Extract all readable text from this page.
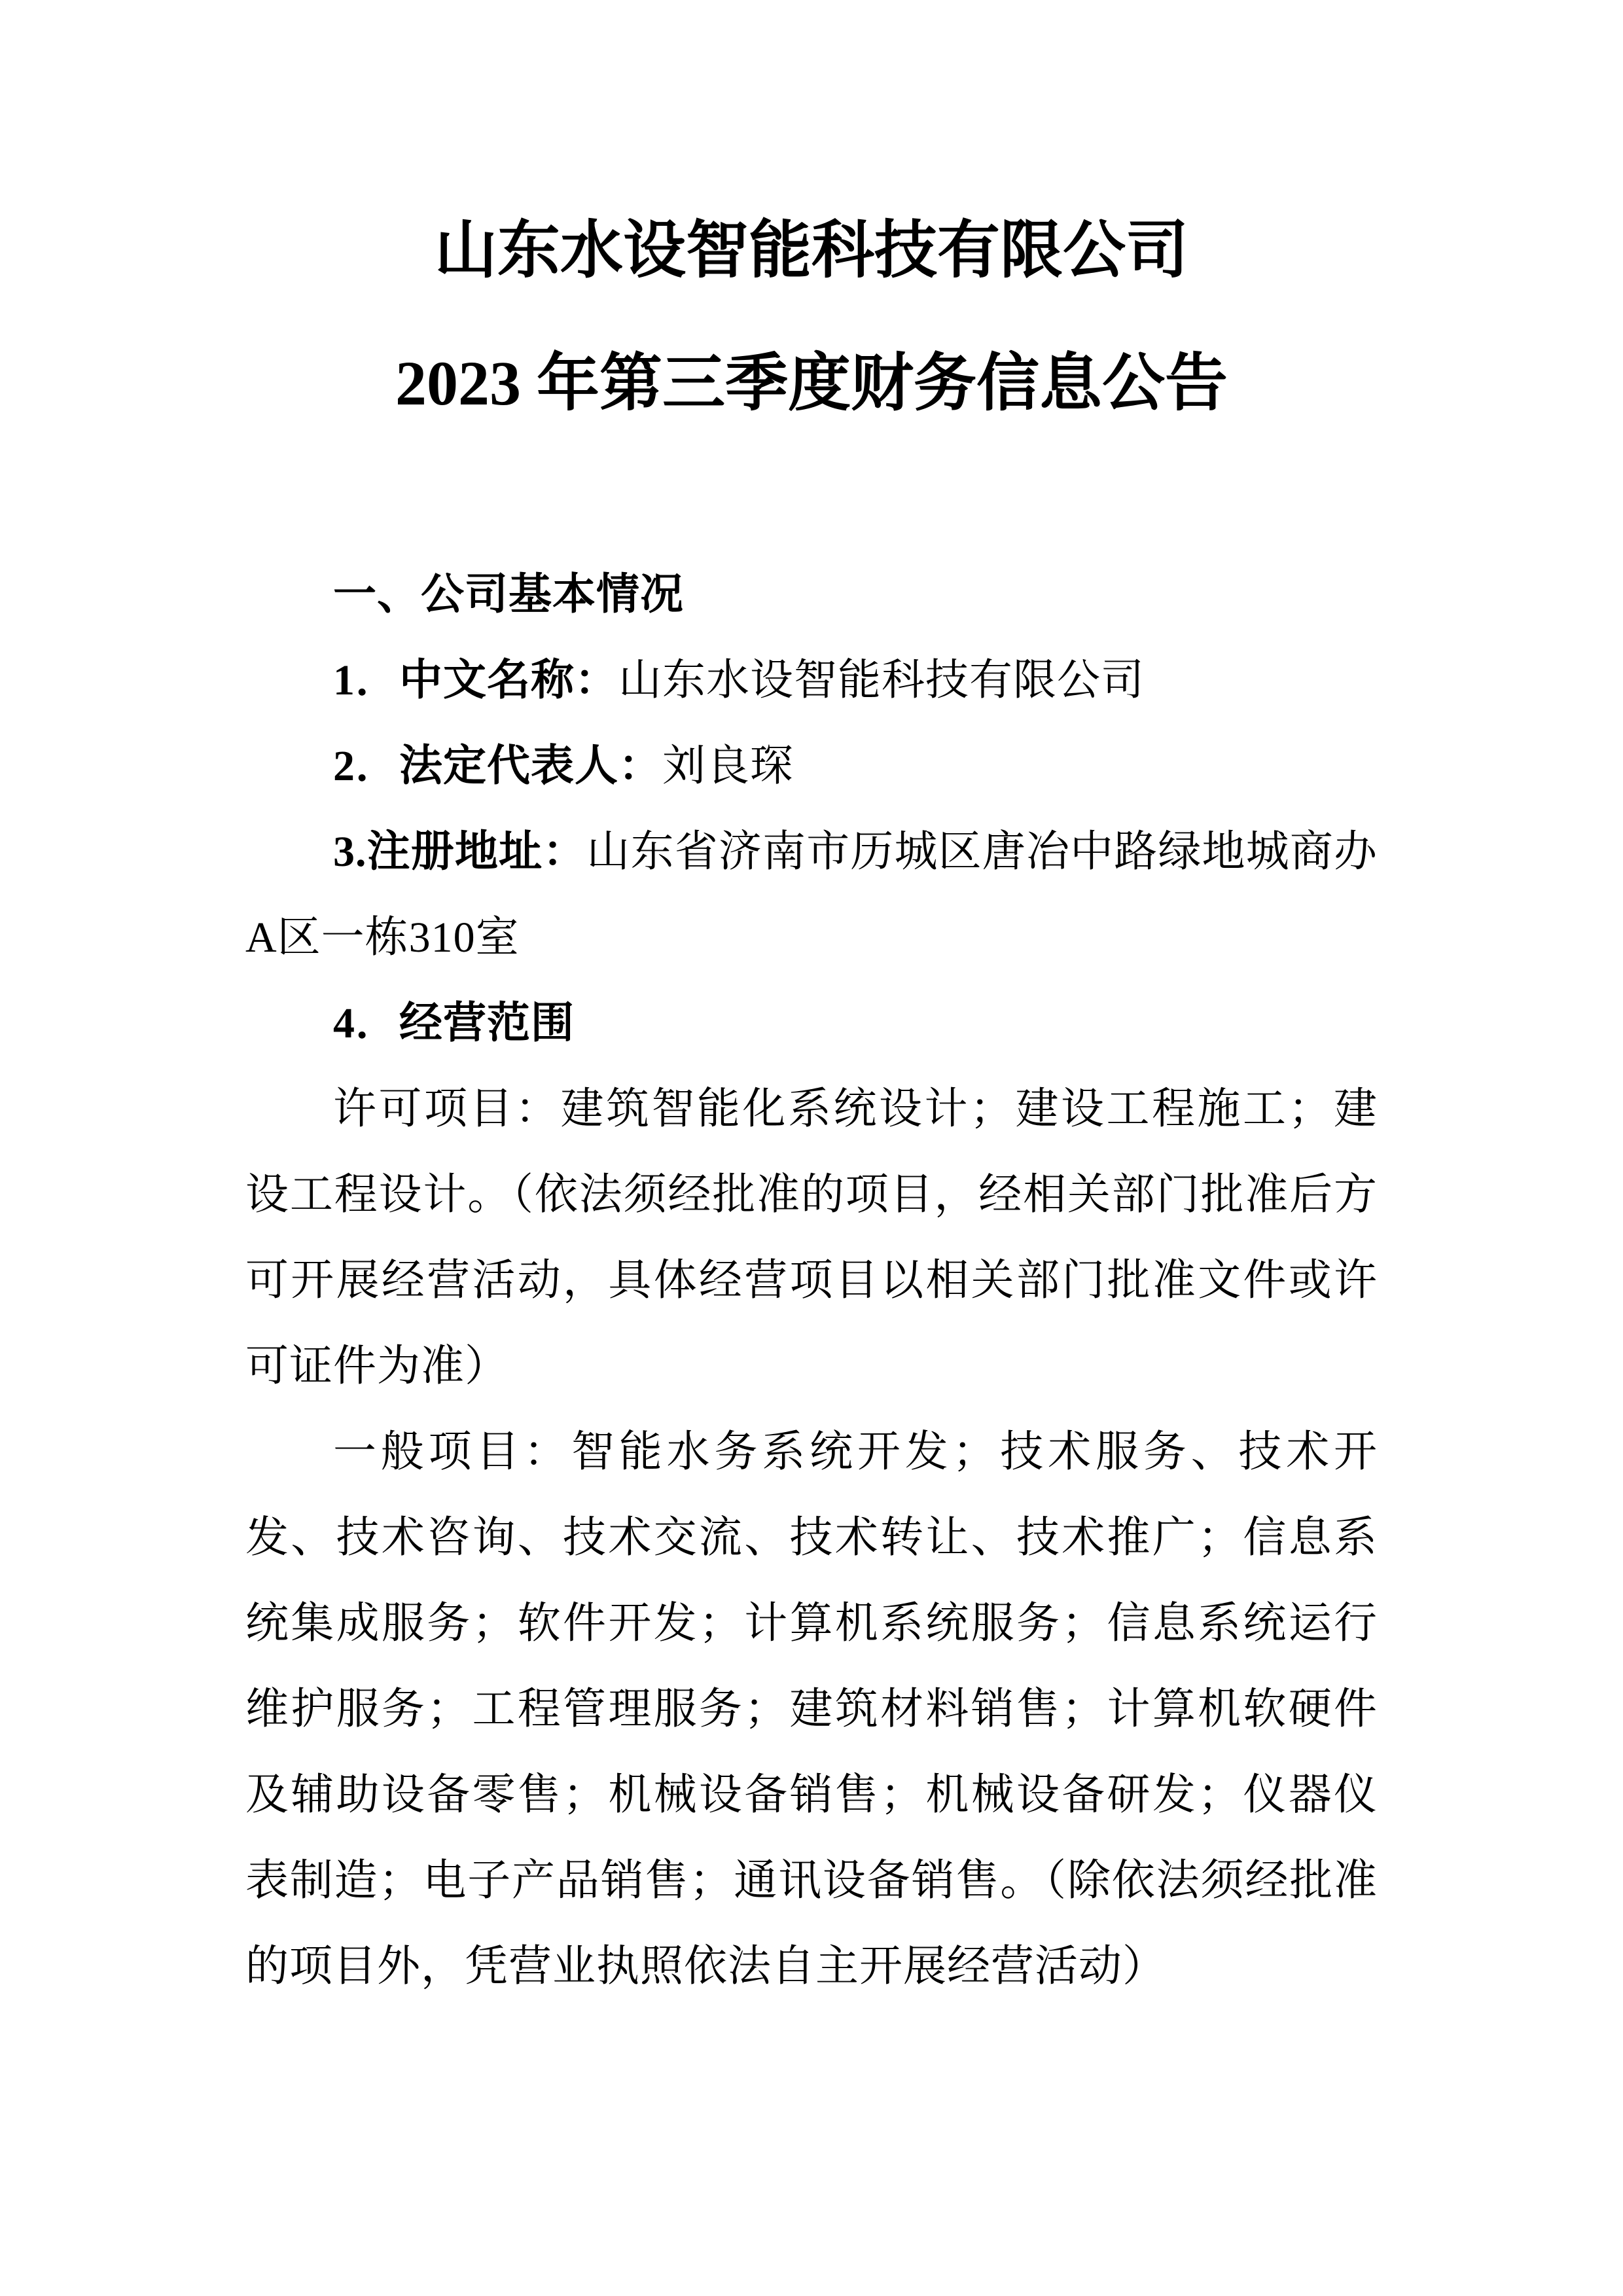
山东水设智能科技有限公司
2023 年第三季度财务信息公告

一、公司基本情况

1．中文名称：山东水设智能科技有限公司

2．法定代表人：刘良琛

3.注册地址：山东省济南市历城区唐冶中路绿地城商办A区一栋310室

4．经营范围

许可项目：建筑智能化系统设计；建设工程施工；建设工程设计。（依法须经批准的项目，经相关部门批准后方可开展经营活动，具体经营项目以相关部门批准文件或许可证件为准）

一般项目：智能水务系统开发；技术服务、技术开发、技术咨询、技术交流、技术转让、技术推广；信息系统集成服务；软件开发；计算机系统服务；信息系统运行维护服务；工程管理服务；建筑材料销售；计算机软硬件及辅助设备零售；机械设备销售；机械设备研发；仪器仪表制造；电子产品销售；通讯设备销售。（除依法须经批准的项目外，凭营业执照依法自主开展经营活动）
